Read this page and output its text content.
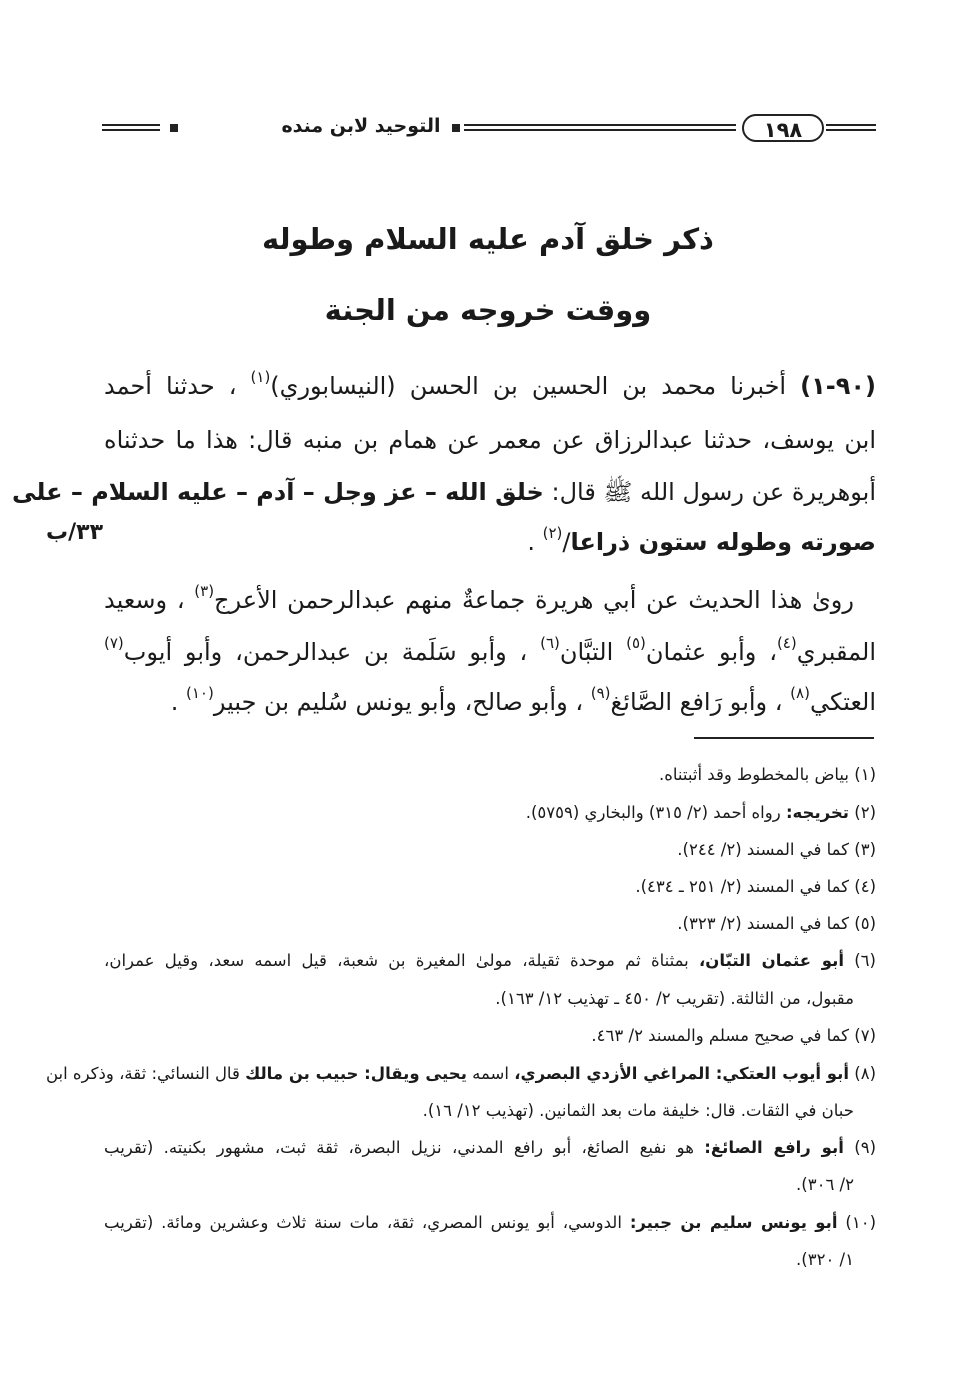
التوحيد لابن منده	١٩٨
ذكر خلق آدم عليه السلام وطوله
ووقت خروجه من الجنة
(٩٠-١) أخبرنا محمد بن الحسين بن الحسن (النيسابوري)$^{(١)}$ ، حدثنا أحمد
ابن يوسف، حدثنا عبدالرزاق عن معمر عن همام بن منبه قال: هذا ما حدثناه
أبوهريرة عن رسول الله ﷺ قال: خلق الله – عز وجل – آدم – عليه السلام – على
صورته وطوله ستون ذراعا/$^{(٢)}$ .
٣٣/ب
روىٰ هذا الحديث عن أبي هريرة جماعةٌ منهم عبدالرحمن الأعرج$^{(٣)}$ ، وسعيد
المقبري$^{(٤)}$، وأبو عثمان$^{(٥)}$ التبَّان$^{(٦)}$ ، وأبو سَلَمة بن عبدالرحمن، وأبو أيوب$^{(٧)}$
العتكي$^{(٨)}$ ، وأبو رَافع الصَّائغ$^{(٩)}$ ، وأبو صالح، وأبو يونس سُليم بن جبير$^{(١٠)}$ .
(١) بياض بالمخطوط وقد أثبتناه.
(٢) تخريجه: رواه أحمد (٢/ ٣١٥) والبخاري (٥٧٥٩).
(٣) كما في المسند (٢/ ٢٤٤).
(٤) كما في المسند (٢/ ٢٥١ ـ ٤٣٤).
(٥) كما في المسند (٢/ ٣٢٣).
(٦) أبو عثمان التبّان، بمثناة ثم موحدة ثقيلة، مولىٰ المغيرة بن شعبة، قيل اسمه سعد، وقيل عمران،
مقبول، من الثالثة. (تقريب ٢/ ٤٥٠ ـ تهذيب ١٢/ ١٦٣).
(٧) كما في صحيح مسلم والمسند ٢/ ٤٦٣.
(٨) أبو أيوب العتكي: المراغي الأزدي البصري، اسمه يحيى ويقال: حبيب بن مالك قال النسائي: ثقة، وذكره ابن
حبان في الثقات. قال: خليفة مات بعد الثمانين. (تهذيب ١٢/ ١٦).
(٩) أبو رافع الصائغ: هو نفيع الصائغ، أبو رافع المدني، نزيل البصرة، ثقة ثبت، مشهور بكنيته. (تقريب
٢/ ٣٠٦).
(١٠) أبو يونس سليم بن جبير: الدوسي، أبو يونس المصري، ثقة، مات سنة ثلاث وعشرين ومائة. (تقريب
١/ ٣٢٠).
